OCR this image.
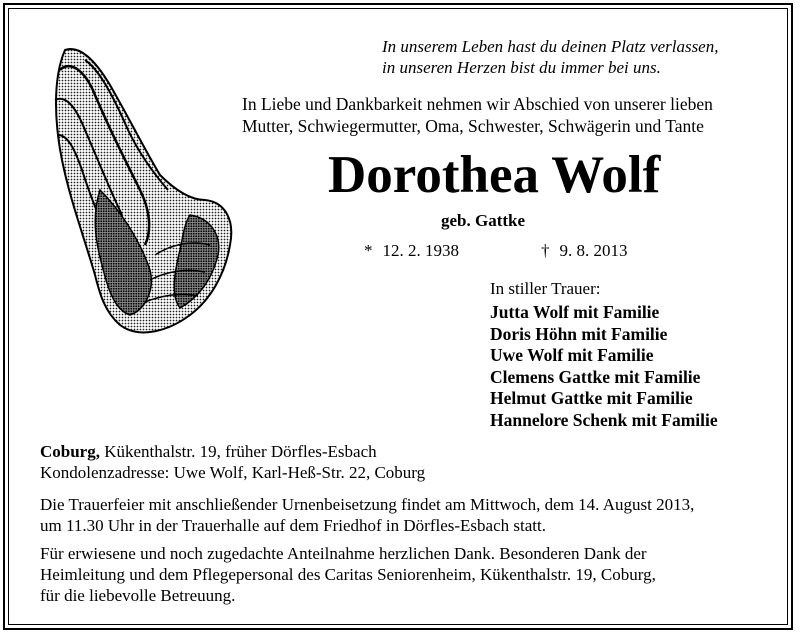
In unserem Leben hast du deinen Platz verlassen,
in unseren Herzen bist du immer bei uns.
In Liebe und Dankbarkeit nehmen wir Abschied von unserer lieben
Mutter, Schwiegermutter, Oma, Schwester, Schwägerin und Tante
Dorothea Wolf
geb. Gattke
* 12. 2. 1938	† 9. 8. 2013
In stiller Trauer:
Jutta Wolf mit Familie
Doris Höhn mit Familie
Uwe Wolf mit Familie
Clemens Gattke mit Familie
Helmut Gattke mit Familie
Hannelore Schenk mit Familie
Coburg, Kükenthalstr. 19, früher Dörfles-Esbach
Kondolenzadresse: Uwe Wolf, Karl-Heß-Str. 22, Coburg
Die Trauerfeier mit anschließender Urnenbeisetzung findet am Mittwoch, dem 14. August 2013,
um 11.30 Uhr in der Trauerhalle auf dem Friedhof in Dörfles-Esbach statt.
Für erwiesene und noch zugedachte Anteilnahme herzlichen Dank. Besonderen Dank der
Heimleitung und dem Pflegepersonal des Caritas Seniorenheim, Kükenthalstr. 19, Coburg,
für die liebevolle Betreuung.
